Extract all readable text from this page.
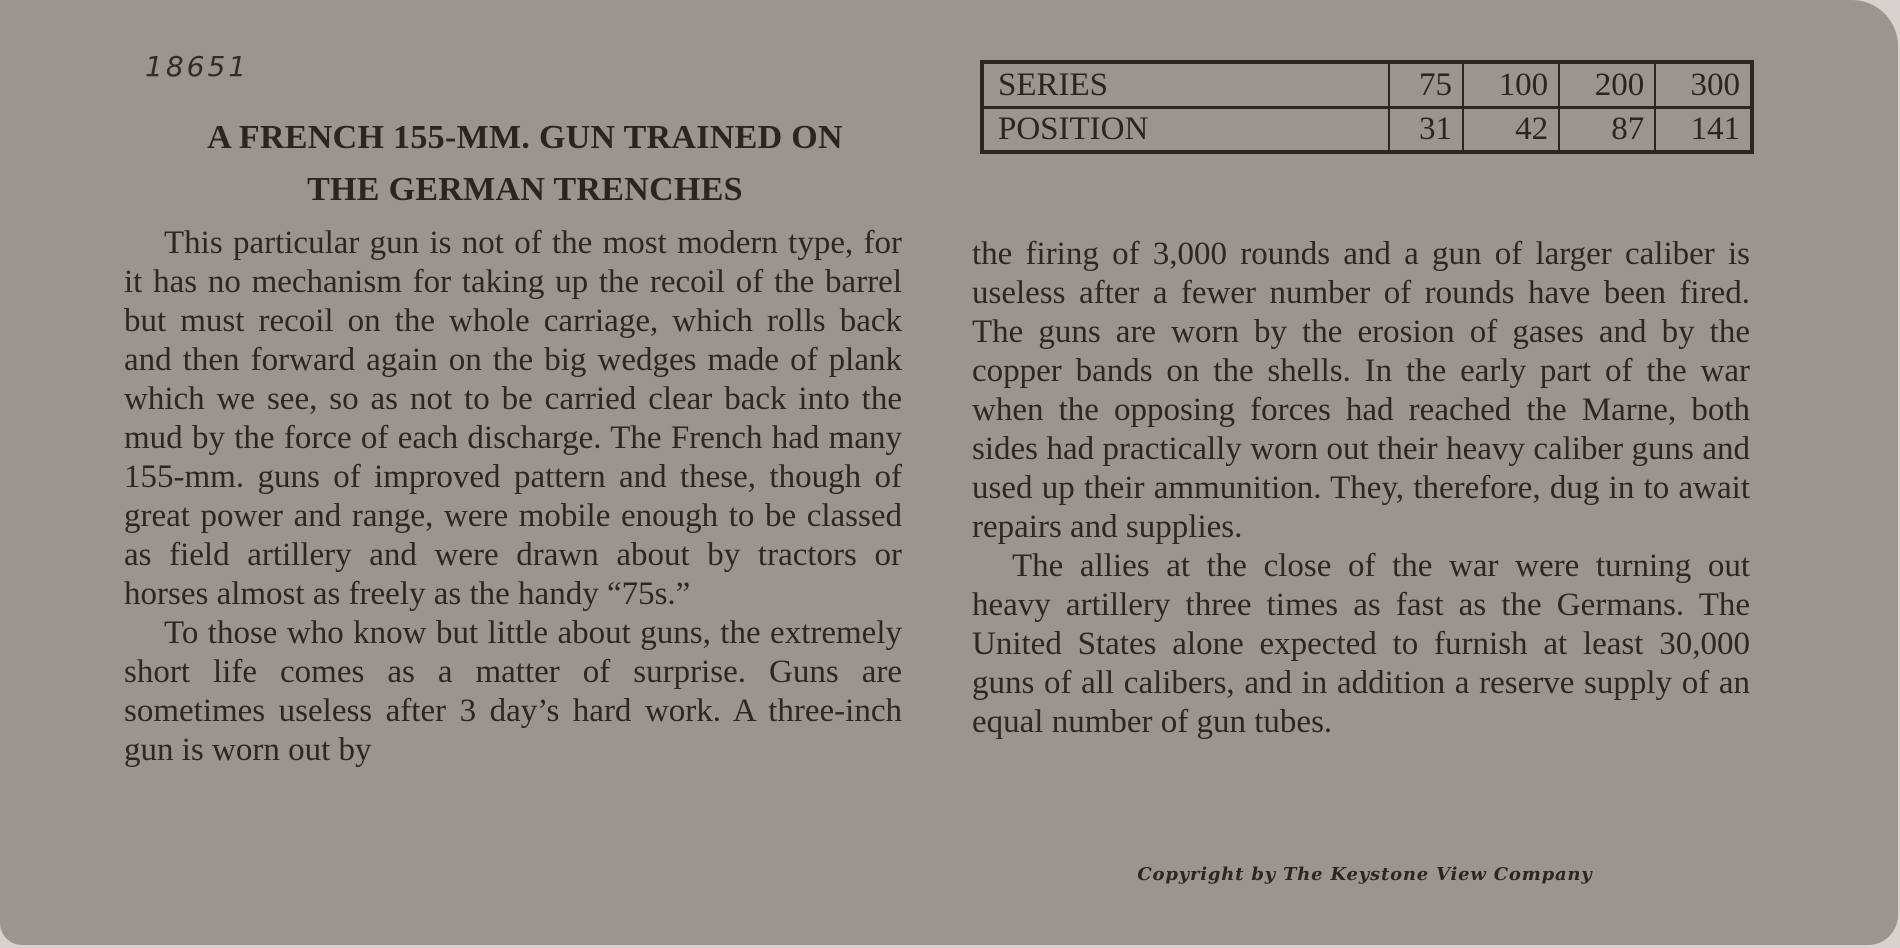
18651
A FRENCH 155-MM. GUN TRAINED ON
THE GERMAN TRENCHES
SERIES	75	100	200	300
POSITION	31	42	87	141

This particular gun is not of the most modern type, for it has no mechanism for taking up the recoil of the barrel but must recoil on the whole carriage, which rolls back and then forward again on the big wedges made of plank which we see, so as not to be carried clear back into the mud by the force of each discharge. The French had many 155-mm. guns of improved pattern and these, though of great power and range, were mobile enough to be classed as field artillery and were drawn about by tractors or horses almost as freely as the handy “75s.”

To those who know but little about guns, the extremely short life comes as a matter of surprise. Guns are sometimes useless after 3 day’s hard work. A three-inch gun is worn out by

the firing of 3,000 rounds and a gun of larger caliber is useless after a fewer number of rounds have been fired. The guns are worn by the erosion of gases and by the copper bands on the shells. In the early part of the war when the opposing forces had reached the Marne, both sides had practically worn out their heavy caliber guns and used up their ammunition. They, therefore, dug in to await repairs and supplies.

The allies at the close of the war were turning out heavy artillery three times as fast as the Germans. The United States alone expected to furnish at least 30,000 guns of all calibers, and in addition a reserve supply of an equal number of gun tubes.

Copyright by The Keystone View Company
